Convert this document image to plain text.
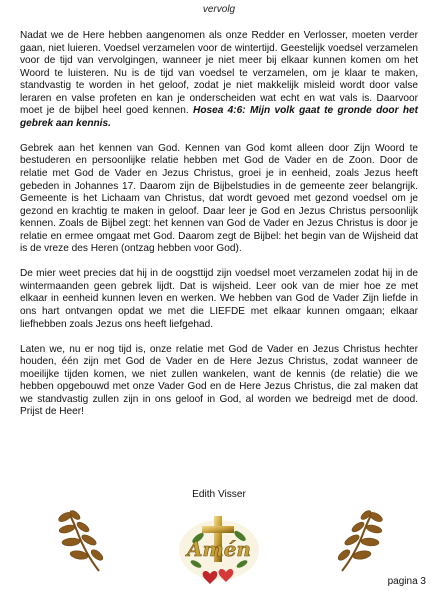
vervolg

Nadat we de Here hebben aangenomen als onze Redder en Verlosser, moeten verder gaan, niet luieren. Voedsel verzamelen voor de wintertijd. Geestelijk voedsel verzamelen voor de tijd van vervolgingen, wanneer je niet meer bij elkaar kunnen komen om het Woord te luisteren. Nu is de tijd van voedsel te verzamelen, om je klaar te maken, standvastig te worden in het geloof, zodat je niet makkelijk misleid wordt door valse leraren en valse profeten en kan je onderscheiden wat echt en wat vals is. Daarvoor moet je de bijbel heel goed kennen. Hosea 4:6: Mijn volk gaat te gronde door het gebrek aan kennis.

Gebrek aan het kennen van God. Kennen van God komt alleen door Zijn Woord te bestuderen en persoonlijke relatie hebben met God de Vader en de Zoon. Door de relatie met God de Vader en Jezus Christus, groei je in eenheid, zoals Jezus heeft gebeden in Johannes 17. Daarom zijn de Bijbelstudies in de gemeente zeer belangrijk. Gemeente is het Lichaam van Christus, dat wordt gevoed met gezond voedsel om je gezond en krachtig te maken in geloof. Daar leer je God en Jezus Christus persoonlijk kennen. Zoals de Bijbel zegt: het kennen van God de Vader en Jezus Christus is door je relatie en ermee omgaat met God. Daarom zegt de Bijbel: het begin van de Wijsheid dat is de vreze des Heren (ontzag hebben voor God).

De mier weet precies dat hij in de oogsttijd zijn voedsel moet verzamelen zodat hij in de wintermaanden geen gebrek lijdt. Dat is wijsheid. Leer ook van de mier hoe ze met elkaar in eenheid kunnen leven en werken. We hebben van God de Vader Zijn liefde in ons hart ontvangen opdat we met die LIEFDE met elkaar kunnen omgaan; elkaar liefhebben zoals Jezus ons heeft liefgehad.

Laten we, nu er nog tijd is, onze relatie met God de Vader en Jezus Christus hechter houden, één zijn met God de Vader en de Here Jezus Christus, zodat wanneer de moeilijke tijden komen, we niet zullen wankelen, want de kennis (de relatie) die we hebben opgebouwd met onze Vader God en de Here Jezus Christus, die zal maken dat we standvastig zullen zijn in ons geloof in God, al worden we bedreigd met de dood. Prijst de Heer!

Edith Visser
Amén
pagina 3
